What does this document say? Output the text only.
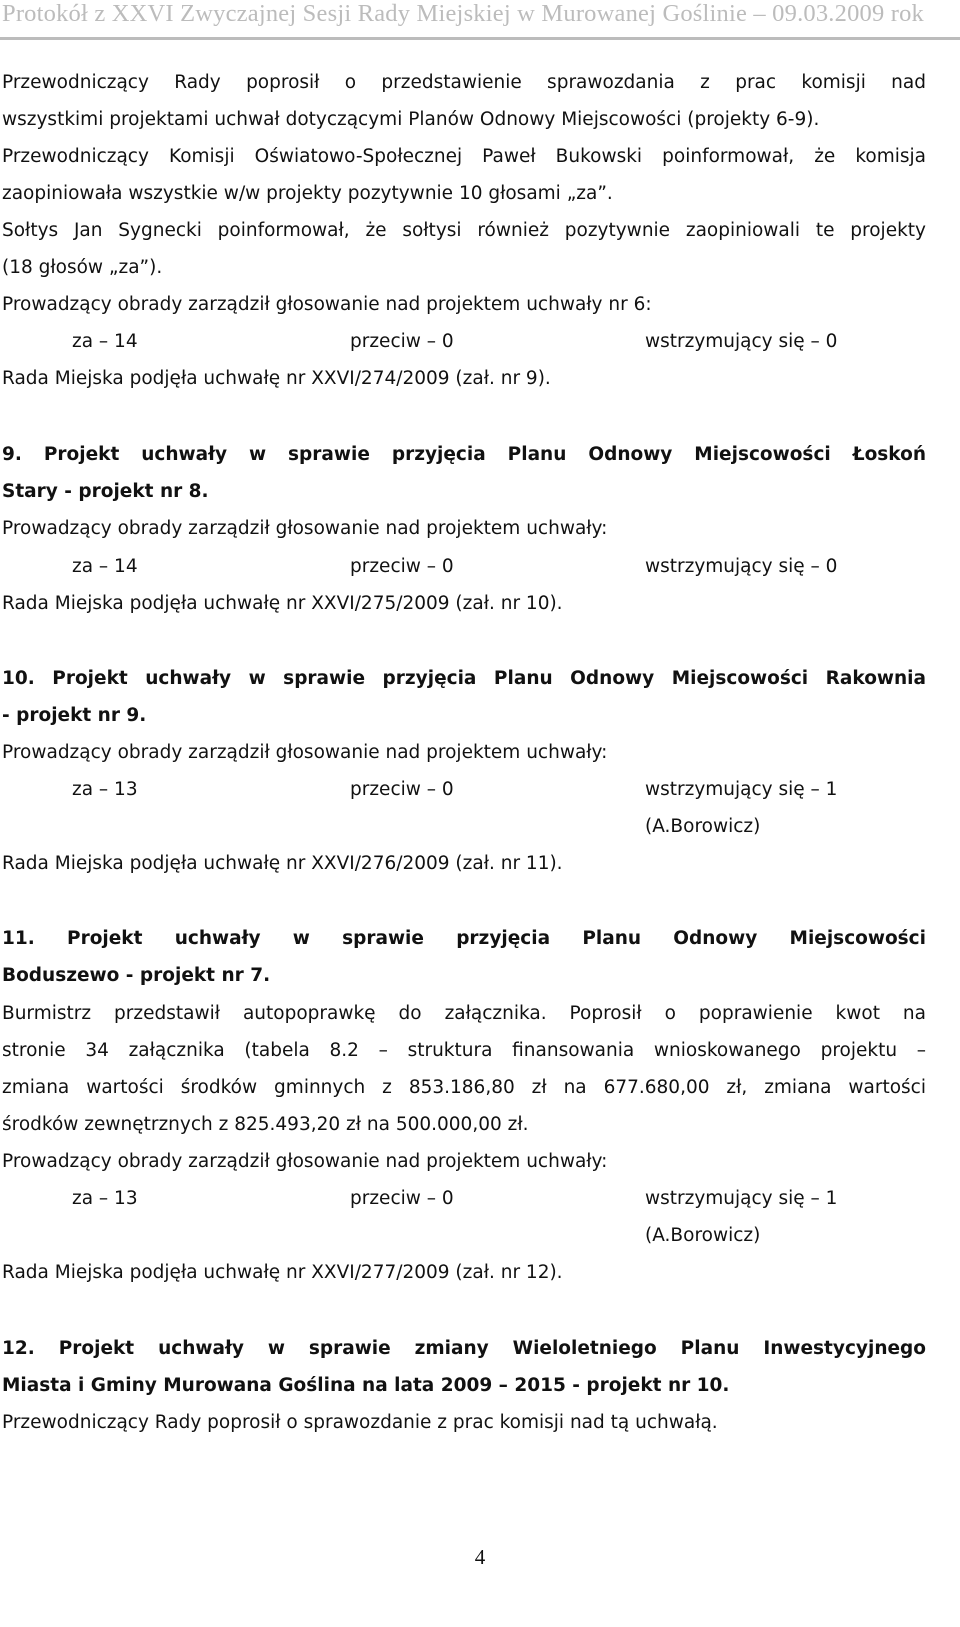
Protokół z XXVI Zwyczajnej Sesji Rady Miejskiej w Murowanej Goślinie – 09.03.2009 rok
Przewodniczący Rady poprosił o przedstawienie sprawozdania z prac komisji nad
wszystkimi projektami uchwał dotyczącymi Planów Odnowy Miejscowości (projekty 6-9).
Przewodniczący Komisji Oświatowo-Społecznej Paweł Bukowski poinformował, że komisja
zaopiniowała wszystkie w/w projekty pozytywnie 10 głosami „za”.
Sołtys Jan Sygnecki poinformował, że sołtysi również pozytywnie zaopiniowali te projekty
(18 głosów „za”).
Prowadzący obrady zarządził głosowanie nad projektem uchwały nr 6:
za – 14	przeciw – 0	wstrzymujący się – 0
Rada Miejska podjęła uchwałę nr XXVI/274/2009 (zał. nr 9).
9. Projekt uchwały w sprawie przyjęcia Planu Odnowy Miejscowości Łoskoń
Stary - projekt nr 8.
Prowadzący obrady zarządził głosowanie nad projektem uchwały:
za – 14	przeciw – 0	wstrzymujący się – 0
Rada Miejska podjęła uchwałę nr XXVI/275/2009 (zał. nr 10).
10. Projekt uchwały w sprawie przyjęcia Planu Odnowy Miejscowości Rakownia
- projekt nr 9.
Prowadzący obrady zarządził głosowanie nad projektem uchwały:
za – 13	przeciw – 0	wstrzymujący się – 1
(A.Borowicz)
Rada Miejska podjęła uchwałę nr XXVI/276/2009 (zał. nr 11).
11. Projekt uchwały w sprawie przyjęcia Planu Odnowy Miejscowości
Boduszewo - projekt nr 7.
Burmistrz przedstawił autopoprawkę do załącznika. Poprosił o poprawienie kwot na
stronie 34 załącznika (tabela 8.2 – struktura finansowania wnioskowanego projektu –
zmiana wartości środków gminnych z 853.186,80 zł na 677.680,00 zł, zmiana wartości
środków zewnętrznych z 825.493,20 zł na 500.000,00 zł.
Prowadzący obrady zarządził głosowanie nad projektem uchwały:
za – 13	przeciw – 0	wstrzymujący się – 1
(A.Borowicz)
Rada Miejska podjęła uchwałę nr XXVI/277/2009 (zał. nr 12).
12. Projekt uchwały w sprawie zmiany Wieloletniego Planu Inwestycyjnego
Miasta i Gminy Murowana Goślina na lata 2009 – 2015 - projekt nr 10.
Przewodniczący Rady poprosił o sprawozdanie z prac komisji nad tą uchwałą.
4
